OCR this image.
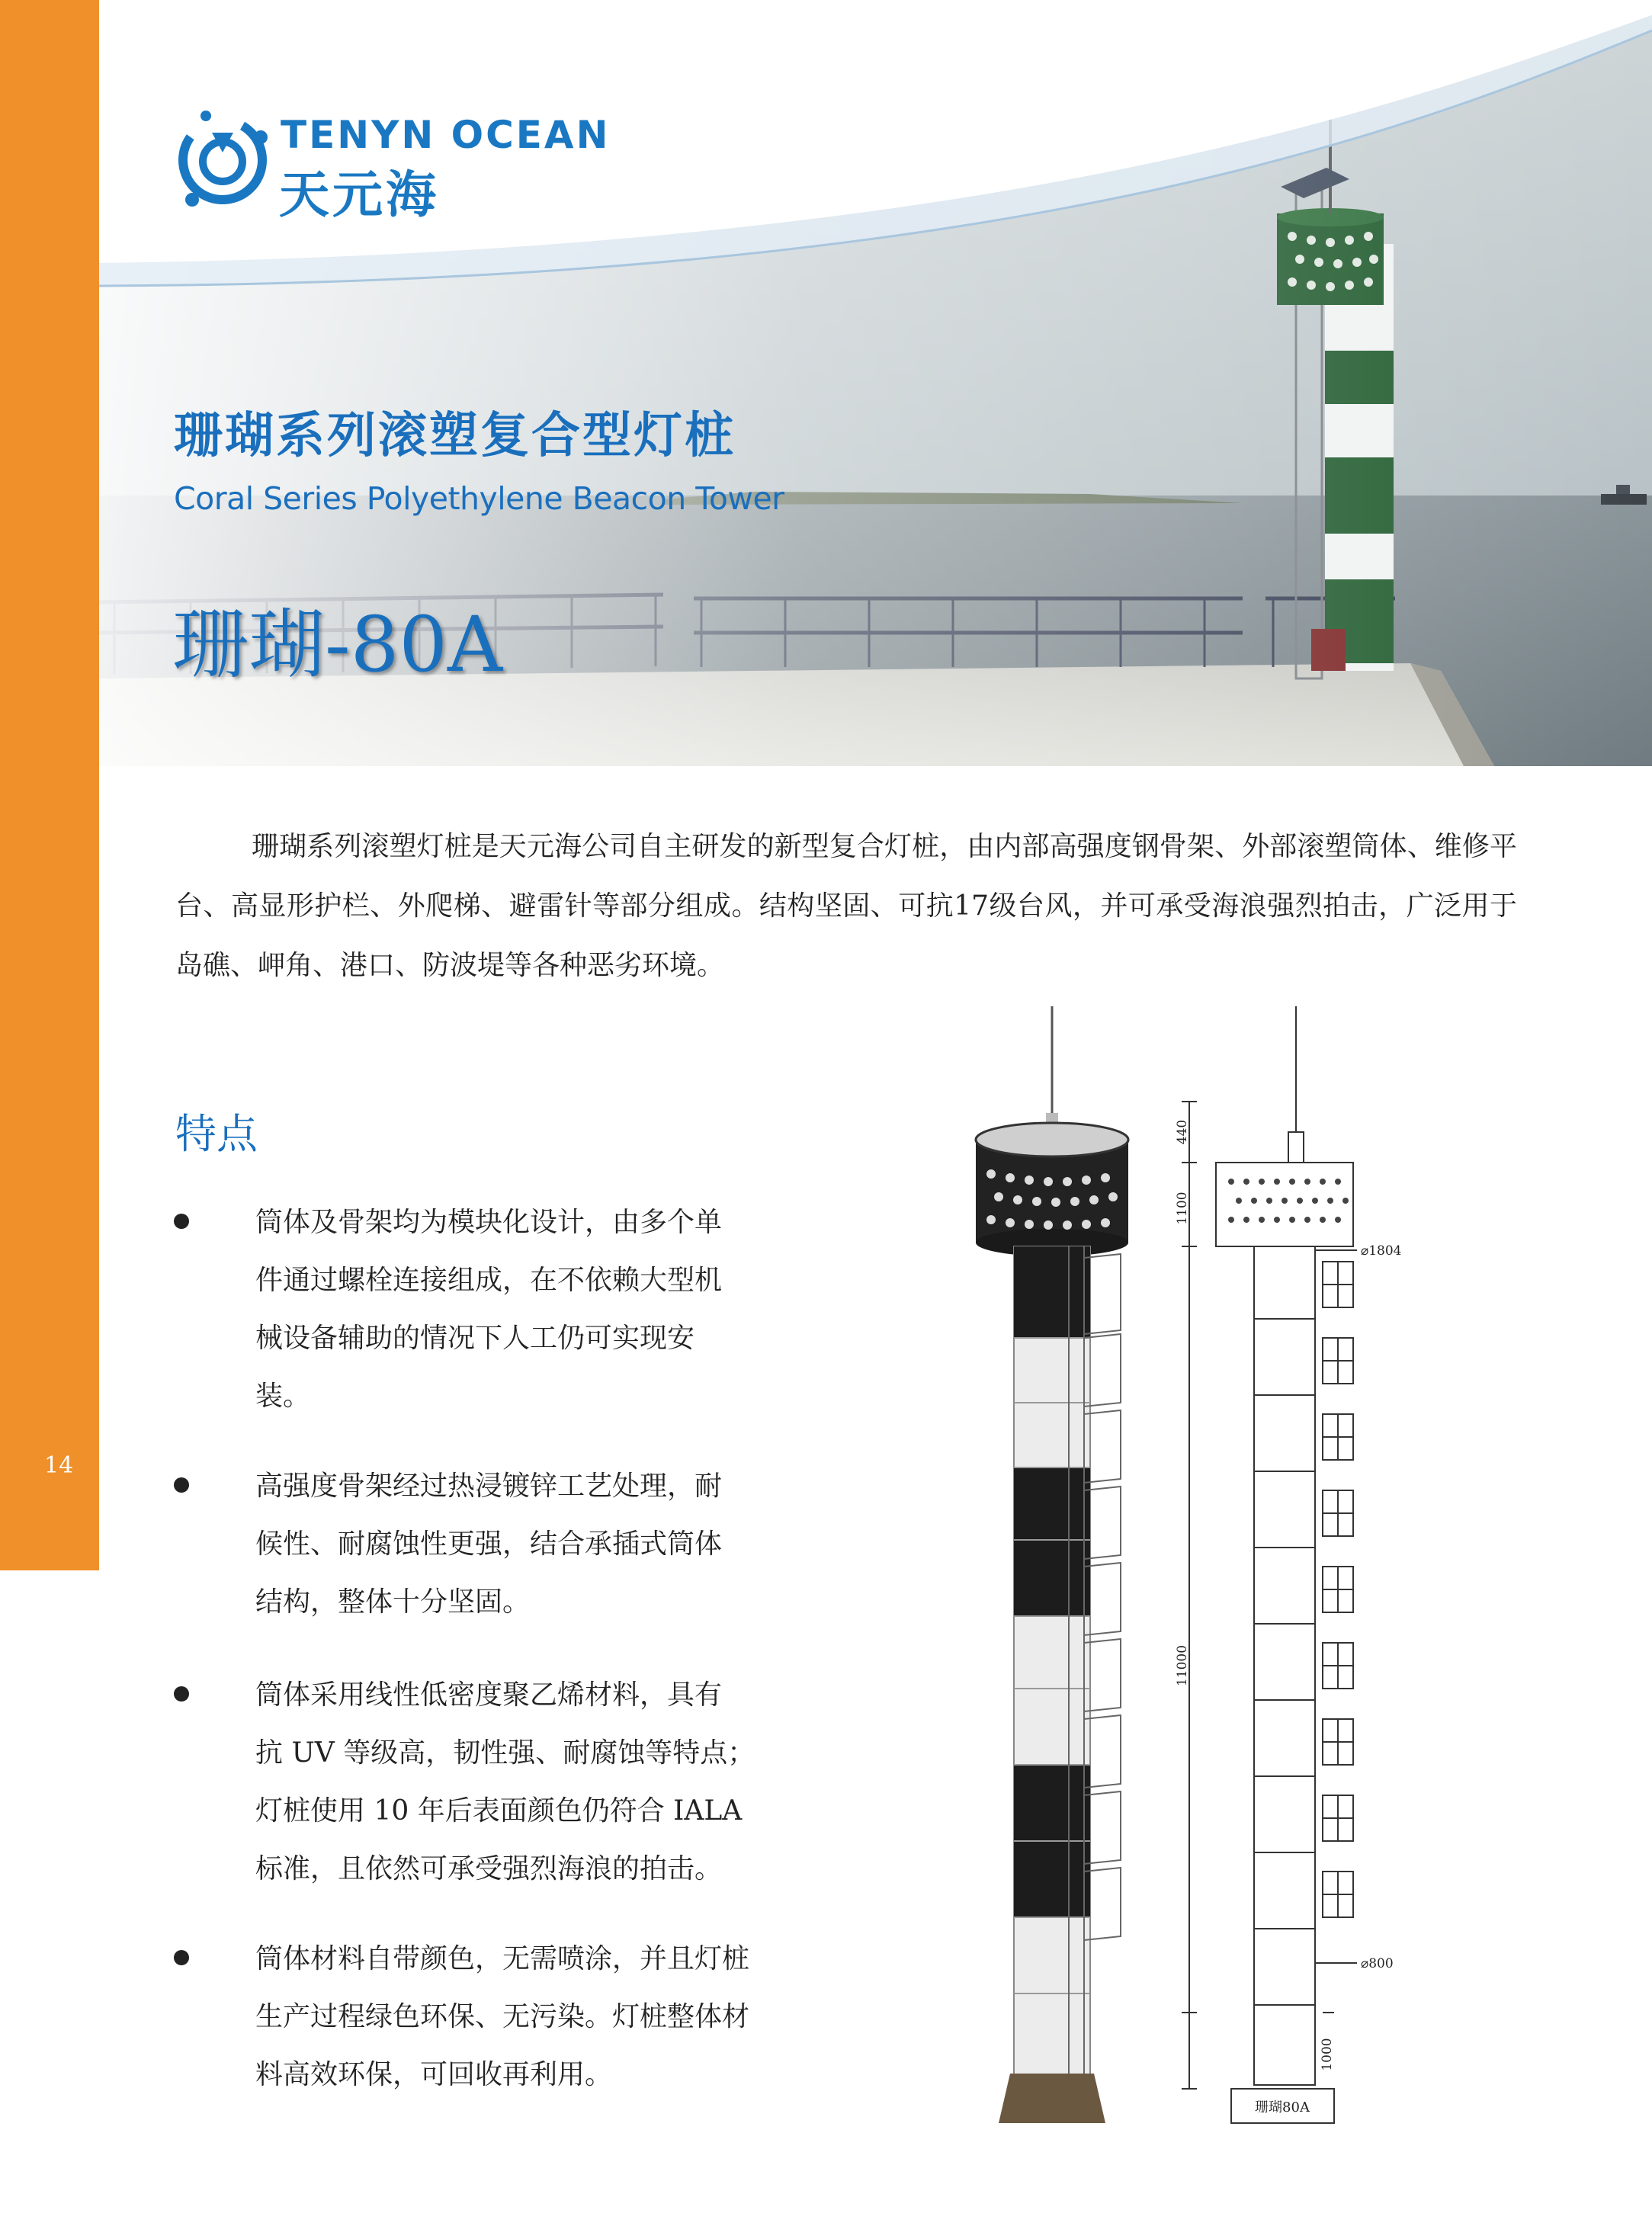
14
TENYN OCEAN
天元海
珊瑚系列滚塑复合型灯桩
Coral Series Polyethylene Beacon Tower
珊瑚-80A

珊瑚系列滚塑灯桩是天元海公司自主研发的新型复合灯桩，由内部高强度钢骨架、外部滚塑筒体、维修平台、高显形护栏、外爬梯、避雷针等部分组成。结构坚固、可抗17级台风，并可承受海浪强烈拍击，广泛用于岛礁、岬角、港口、防波堤等各种恶劣环境。

特点
筒体及骨架均为模块化设计，由多个单
件通过螺栓连接组成，在不依赖大型机
械设备辅助的情况下人工仍可实现安
装。
高强度骨架经过热浸镀锌工艺处理，耐
候性、耐腐蚀性更强，结合承插式筒体
结构，整体十分坚固。
筒体采用线性低密度聚乙烯材料，具有
抗 UV 等级高，韧性强、耐腐蚀等特点；
灯桩使用 10 年后表面颜色仍符合 IALA
标准，且依然可承受强烈海浪的拍击。
筒体材料自带颜色，无需喷涂，并且灯桩
生产过程绿色环保、无污染。灯桩整体材
料高效环保，可回收再利用。
440
1100
11000
1000
⌀1804
⌀800
珊瑚80A
